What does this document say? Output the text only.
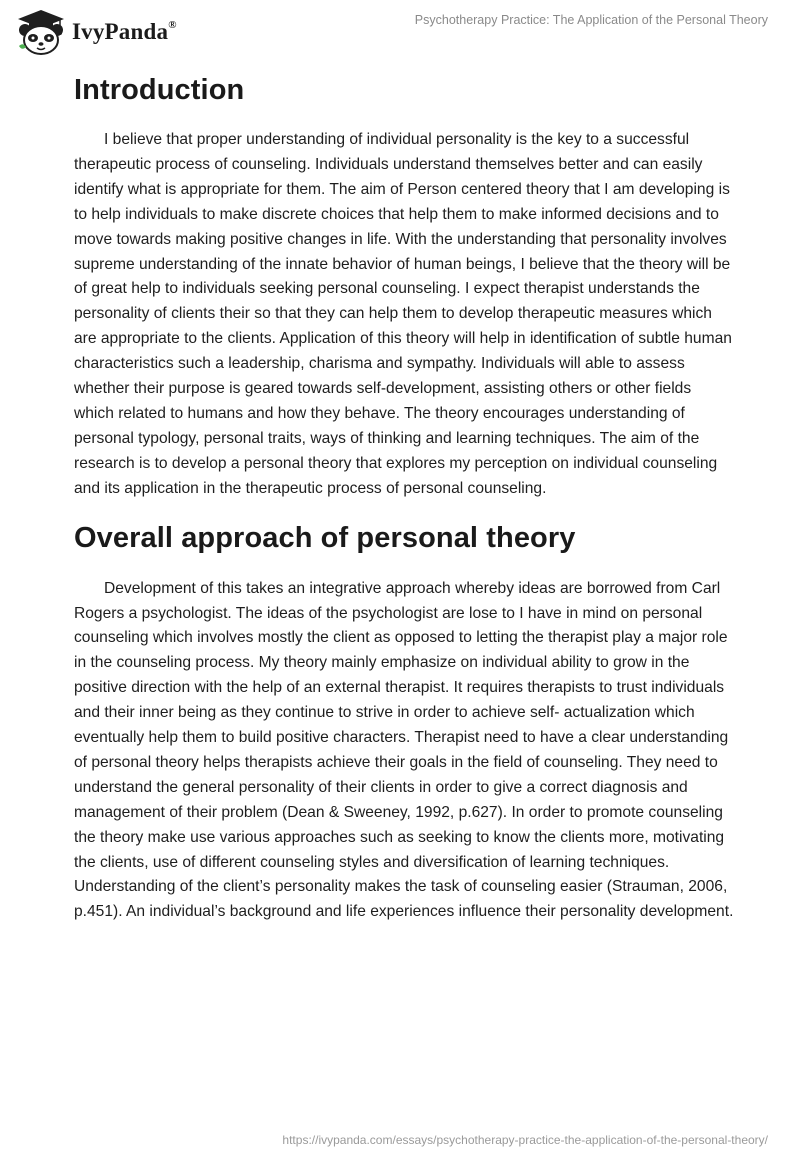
IvyPanda®	Psychotherapy Practice: The Application of the Personal Theory
Introduction

I believe that proper understanding of individual personality is the key to a successful therapeutic process of counseling. Individuals understand themselves better and can easily identify what is appropriate for them. The aim of Person centered theory that I am developing is to help individuals to make discrete choices that help them to make informed decisions and to move towards making positive changes in life. With the understanding that personality involves supreme understanding of the innate behavior of human beings, I believe that the theory will be of great help to individuals seeking personal counseling. I expect therapist understands the personality of clients their so that they can help them to develop therapeutic measures which are appropriate to the clients. Application of this theory will help in identification of subtle human characteristics such a leadership, charisma and sympathy. Individuals will able to assess whether their purpose is geared towards self-development, assisting others or other fields which related to humans and how they behave. The theory encourages understanding of personal typology, personal traits, ways of thinking and learning techniques. The aim of the research is to develop a personal theory that explores my perception on individual counseling and its application in the therapeutic process of personal counseling.

Overall approach of personal theory

Development of this takes an integrative approach whereby ideas are borrowed from Carl Rogers a psychologist. The ideas of the psychologist are lose to I have in mind on personal counseling which involves mostly the client as opposed to letting the therapist play a major role in the counseling process. My theory mainly emphasize on individual ability to grow in the positive direction with the help of an external therapist. It requires therapists to trust individuals and their inner being as they continue to strive in order to achieve self- actualization which eventually help them to build positive characters. Therapist need to have a clear understanding of personal theory helps therapists achieve their goals in the field of counseling. They need to understand the general personality of their clients in order to give a correct diagnosis and management of their problem (Dean & Sweeney, 1992, p.627). In order to promote counseling the theory make use various approaches such as seeking to know the clients more, motivating the clients, use of different counseling styles and diversification of learning techniques. Understanding of the client’s personality makes the task of counseling easier (Strauman, 2006, p.451). An individual’s background and life experiences influence their personality development.

https://ivypanda.com/essays/psychotherapy-practice-the-application-of-the-personal-theory/
